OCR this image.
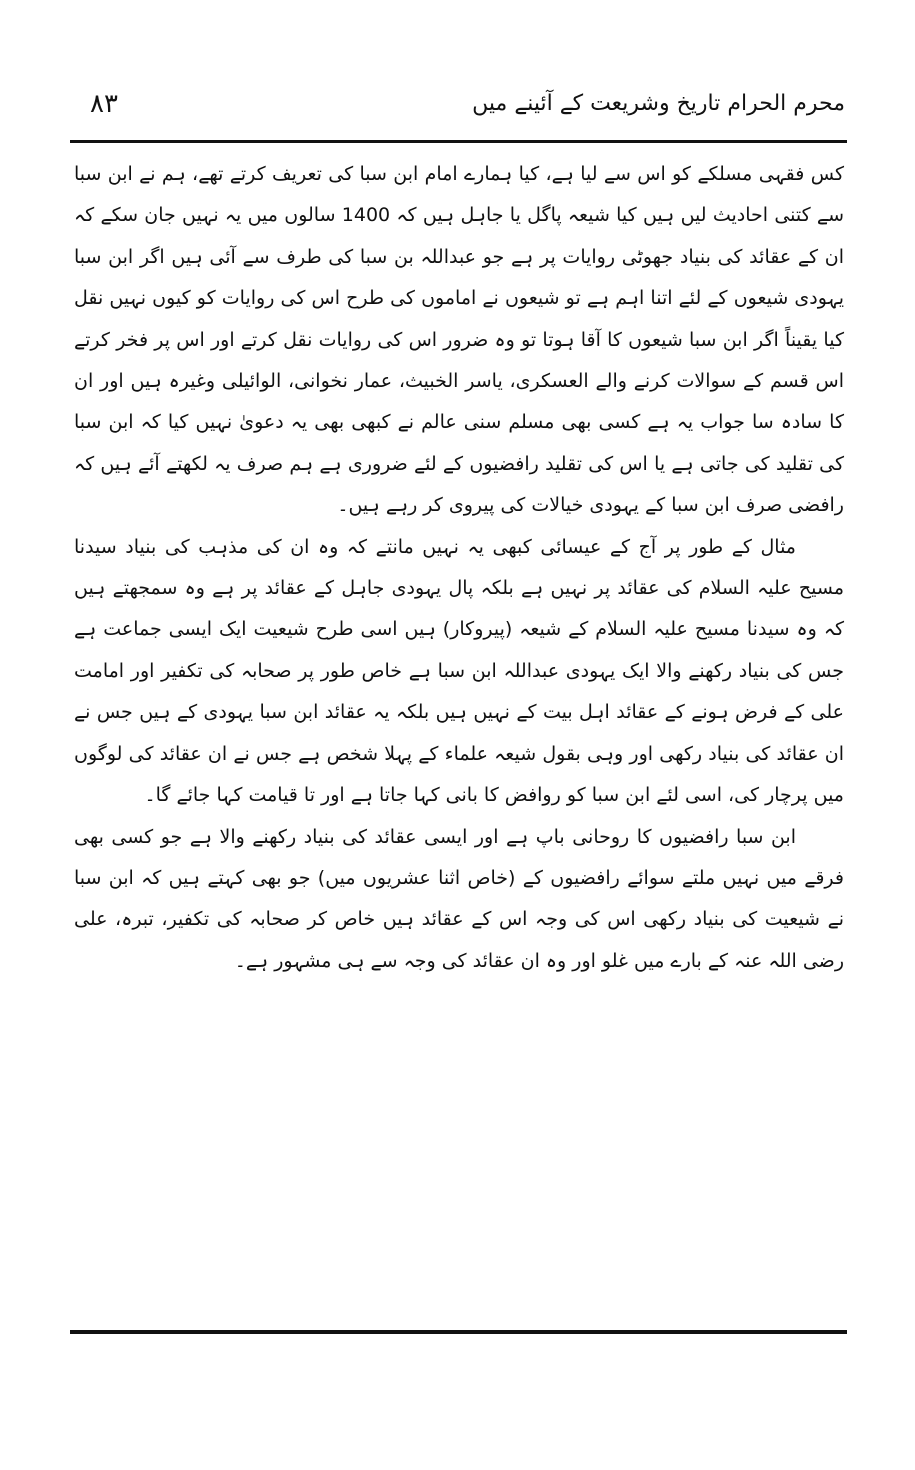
۸۳	محرم الحرام تاریخ وشریعت کے آئینے میں

کس فقہی مسلکے کو اس سے لیا ہے، کیا ہمارے امام ابن سبا کی تعریف کرتے تھے، ہم نے ابن سبا سے کتنی احادیث لیں ہیں کیا شیعہ پاگل یا جاہل ہیں کہ 1400 سالوں میں یہ نہیں جان سکے کہ ان کے عقائد کی بنیاد جھوٹی روایات پر ہے جو عبداللہ بن سبا کی طرف سے آئی ہیں اگر ابن سبا یہودی شیعوں کے لئے اتنا اہم ہے تو شیعوں نے اماموں کی طرح اس کی روایات کو کیوں نہیں نقل کیا یقیناً اگر ابن سبا شیعوں کا آقا ہوتا تو وہ ضرور اس کی روایات نقل کرتے اور اس پر فخر کرتے اس قسم کے سوالات کرنے والے العسکری، یاسر الخبیث، عمار نخوانی، الوائیلی وغیرہ ہیں اور ان کا سادہ سا جواب یہ ہے کسی بھی مسلم سنی عالم نے کبھی بھی یہ دعویٰ نہیں کیا کہ ابن سبا کی تقلید کی جاتی ہے یا اس کی تقلید رافضیوں کے لئے ضروری ہے ہم صرف یہ لکھتے آئے ہیں کہ رافضی صرف ابن سبا کے یہودی خیالات کی پیروی کر رہے ہیں۔

مثال کے طور پر آج کے عیسائی کبھی یہ نہیں مانتے کہ وہ ان کی مذہب کی بنیاد سیدنا مسیح علیہ السلام کی عقائد پر نہیں ہے بلکہ پال یہودی جاہل کے عقائد پر ہے وہ سمجھتے ہیں کہ وہ سیدنا مسیح علیہ السلام کے شیعہ (پیروکار) ہیں اسی طرح شیعیت ایک ایسی جماعت ہے جس کی بنیاد رکھنے والا ایک یہودی عبداللہ ابن سبا ہے خاص طور پر صحابہ کی تکفیر اور امامت علی کے فرض ہونے کے عقائد اہل بیت کے نہیں ہیں بلکہ یہ عقائد ابن سبا یہودی کے ہیں جس نے ان عقائد کی بنیاد رکھی اور وہی بقول شیعہ علماء کے پہلا شخص ہے جس نے ان عقائد کی لوگوں میں پرچار کی، اسی لئے ابن سبا کو روافض کا بانی کہا جاتا ہے اور تا قیامت کہا جائے گا۔

ابن سبا رافضیوں کا روحانی باپ ہے اور ایسی عقائد کی بنیاد رکھنے والا ہے جو کسی بھی فرقے میں نہیں ملتے سوائے رافضیوں کے (خاص اثنا عشریوں میں) جو بھی کہتے ہیں کہ ابن سبا نے شیعیت کی بنیاد رکھی اس کی وجہ اس کے عقائد ہیں خاص کر صحابہ کی تکفیر، تبرہ، علی رضی اللہ عنہ کے بارے میں غلو اور وہ ان عقائد کی وجہ سے ہی مشہور ہے۔
